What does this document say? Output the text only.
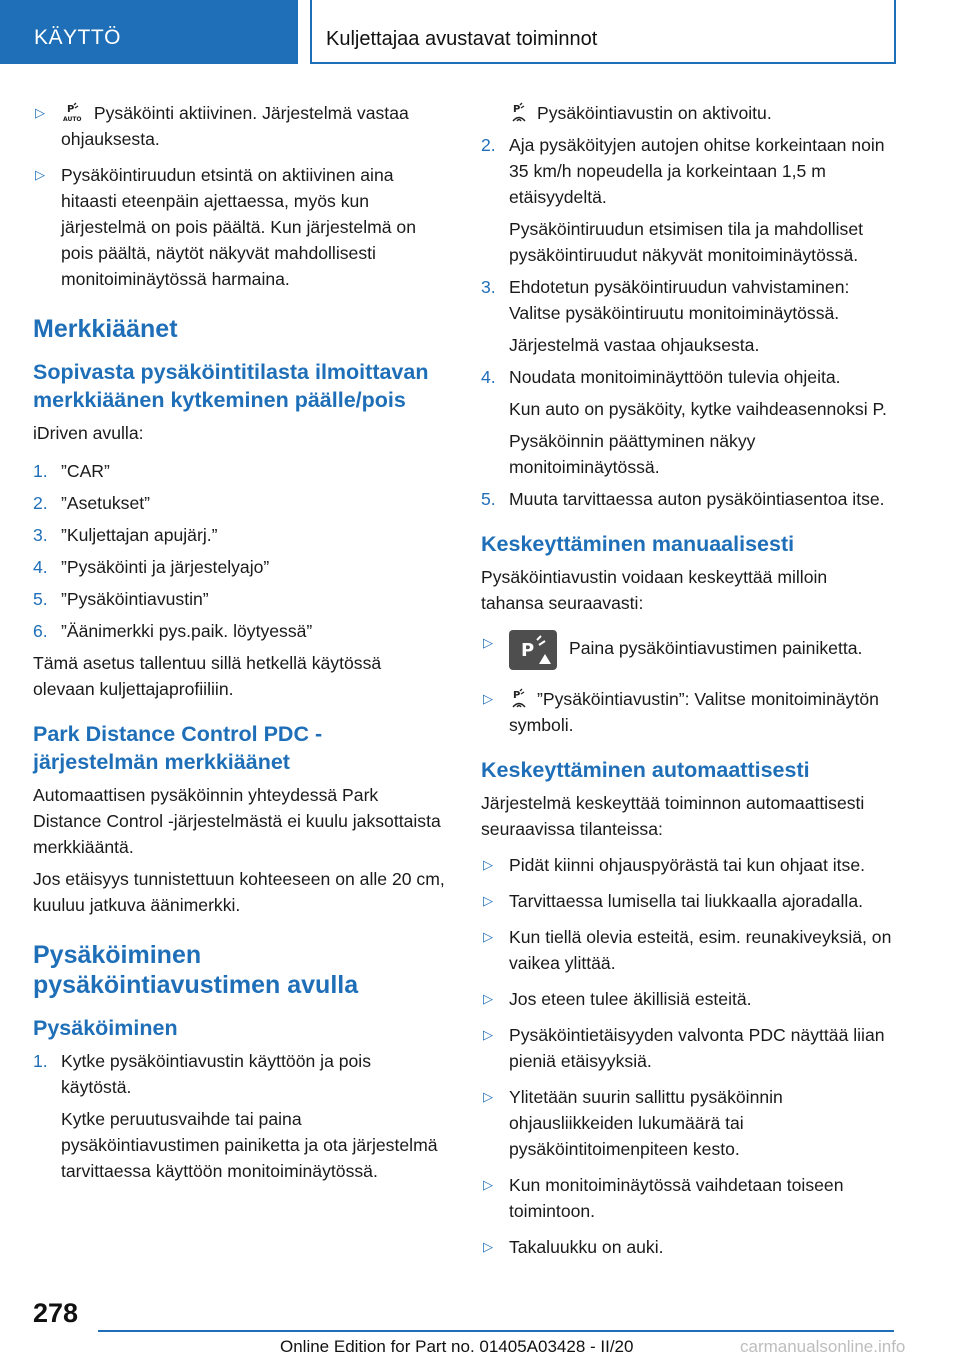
KÄYTTÖ	Kuljettajaa avustavat toiminnot
▷ P
AUTO Pysäköinti aktiivinen. Järjestelmä vastaa ohjauksesta.
▷ Pysäköintiruudun etsintä on aktiivinen aina hitaasti eteenpäin ajettaessa, myös kun järjestelmä on pois päältä. Kun järjestelmä on pois päältä, näytöt näkyvät mahdollisesti monitoiminäytössä harmaina.
Merkkiäänet
Sopivasta pysäköintitilasta ilmoittavan merkkiäänen kytkeminen päälle/pois

iDriven avulla:

1. ”CAR”
2. ”Asetukset”
3. ”Kuljettajan apujärj.”
4. ”Pysäköinti ja järjestelyajo”
5. ”Pysäköintiavustin”
6. ”Äänimerkki pys.paik. löytyessä”

Tämä asetus tallentuu sillä hetkellä käytössä olevaan kuljettajaprofiiliin.

Park Distance Control PDC -järjestelmän merkkiäänet

Automaattisen pysäköinnin yhteydessä Park Distance Control -järjestelmästä ei kuulu jaksottaista merkkiääntä.

Jos etäisyys tunnistettuun kohteeseen on alle 20 cm, kuuluu jatkuva äänimerkki.

Pysäköiminen pysäköintiavustimen avulla
Pysäköiminen
1. Kytke pysäköintiavustin käyttöön ja pois käytöstä.

Kytke peruutusvaihde tai paina pysäköintiavustimen painiketta ja ota järjestelmä tarvittaessa käyttöön monitoiminäytössä.

P Pysäköintiavustin on aktivoitu.

2. Aja pysäköityjen autojen ohitse korkeintaan noin 35 km/h nopeudella ja korkeintaan 1,5 m etäisyydeltä.

Pysäköintiruudun etsimisen tila ja mahdolliset pysäköintiruudut näkyvät monitoiminäytössä.

3. Ehdotetun pysäköintiruudun vahvistaminen: Valitse pysäköintiruutu monitoiminäytössä.

Järjestelmä vastaa ohjauksesta.

4. Noudata monitoiminäyttöön tulevia ohjeita.

Kun auto on pysäköity, kytke vaihdeasennoksi P.

Pysäköinnin päättyminen näkyy monitoiminäytössä.

5. Muuta tarvittaessa auton pysäköintiasentoa itse.
Keskeyttäminen manuaalisesti

Pysäköintiavustin voidaan keskeyttää milloin tahansa seuraavasti:

▷ P Paina pysäköintiavustimen painiketta.
▷ P ”Pysäköintiavustin”: Valitse monitoiminäytön symboli.
Keskeyttäminen automaattisesti

Järjestelmä keskeyttää toiminnon automaattisesti seuraavissa tilanteissa:

▷ Pidät kiinni ohjauspyörästä tai kun ohjaat itse.
▷ Tarvittaessa lumisella tai liukkaalla ajoradalla.
▷ Kun tiellä olevia esteitä, esim. reunakiveyksiä, on vaikea ylittää.
▷ Jos eteen tulee äkillisiä esteitä.
▷ Pysäköintietäisyyden valvonta PDC näyttää liian pieniä etäisyyksiä.
▷ Ylitetään suurin sallittu pysäköinnin ohjausliikkeiden lukumäärä tai pysäköintitoimenpiteen kesto.
▷ Kun monitoiminäytössä vaihdetaan toiseen toimintoon.
▷ Takaluukku on auki.
278
Online Edition for Part no. 01405A03428 - II/20	carmanualsonline.info
